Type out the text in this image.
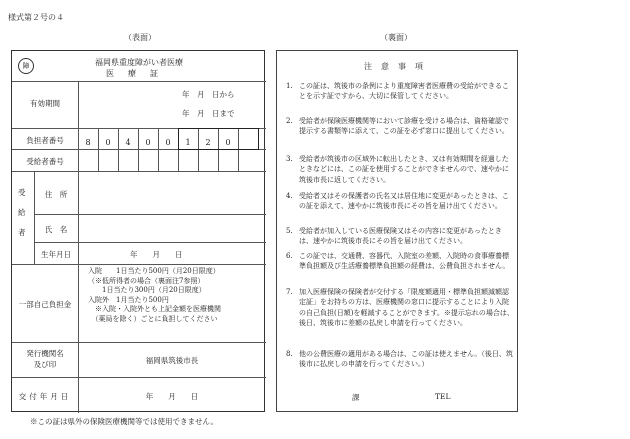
様式第２号の４
（表面）	（裏面）
障	福岡県重度障がい者医療
医療証
有効期間
年　月　日から
年　月　日まで
負担者番号	8	0	4	0	0	1	2	0
受給者番号
受給者
住　所
氏　名
生年月日	年　　月　　日
一部自己負担金
入院　　1日当たり500円（月20日限度）
（※低所得者の場合（裏面注7参照）
　　1日当たり300円（月20日限度）
入院外　1月当たり500円
　※入院・入院外とも上記金額を医療機関
　（薬局を除く）ごとに負担してください
発行機関名
及び印	福岡県筑後市長
交付年月日	年　　月　　日
注意事項
1. この証は、筑後市の条例により重度障害者医療費の受給ができることを示す証ですから、大切に保管してください。
2. 受給者が保険医療機関等において診療を受ける場合は、資格確認で提示する書類等に添えて、この証を必ず窓口に提出してください。
3. 受給者が筑後市の区域外に転出したとき、又は有効期間を経過したときなどには、この証を使用することができませんので、速やかに筑後市長に返してください。
4. 受給者又はその保護者の氏名又は居住地に変更があったときは、この証を添えて、速やかに筑後市長にその旨を届け出てください。
5. 受給者が加入している医療保険又はその内容に変更があったときは、速やかに筑後市長にその旨を届け出てください。
6. この証では、交通費、容器代、入院室の差額、入院時の食事療養標準負担額及び生活療養標準負担額の経費は、公費負担されません。
7. 加入医療保険の保険者が交付する「限度額適用・標準負担額減額認定証」をお持ちの方は、医療機関の窓口に提示することにより入院の自己負担(日額)を軽減することができます。※提示忘れの場合は、後日、筑後市に差額の払戻し申請を行ってください。
8. 他の公費医療の適用がある場合は、この証は使えません。（後日、筑後市に払戻しの申請を行ってください。）
課	TEL
※この証は県外の保険医療機関等では使用できません。
